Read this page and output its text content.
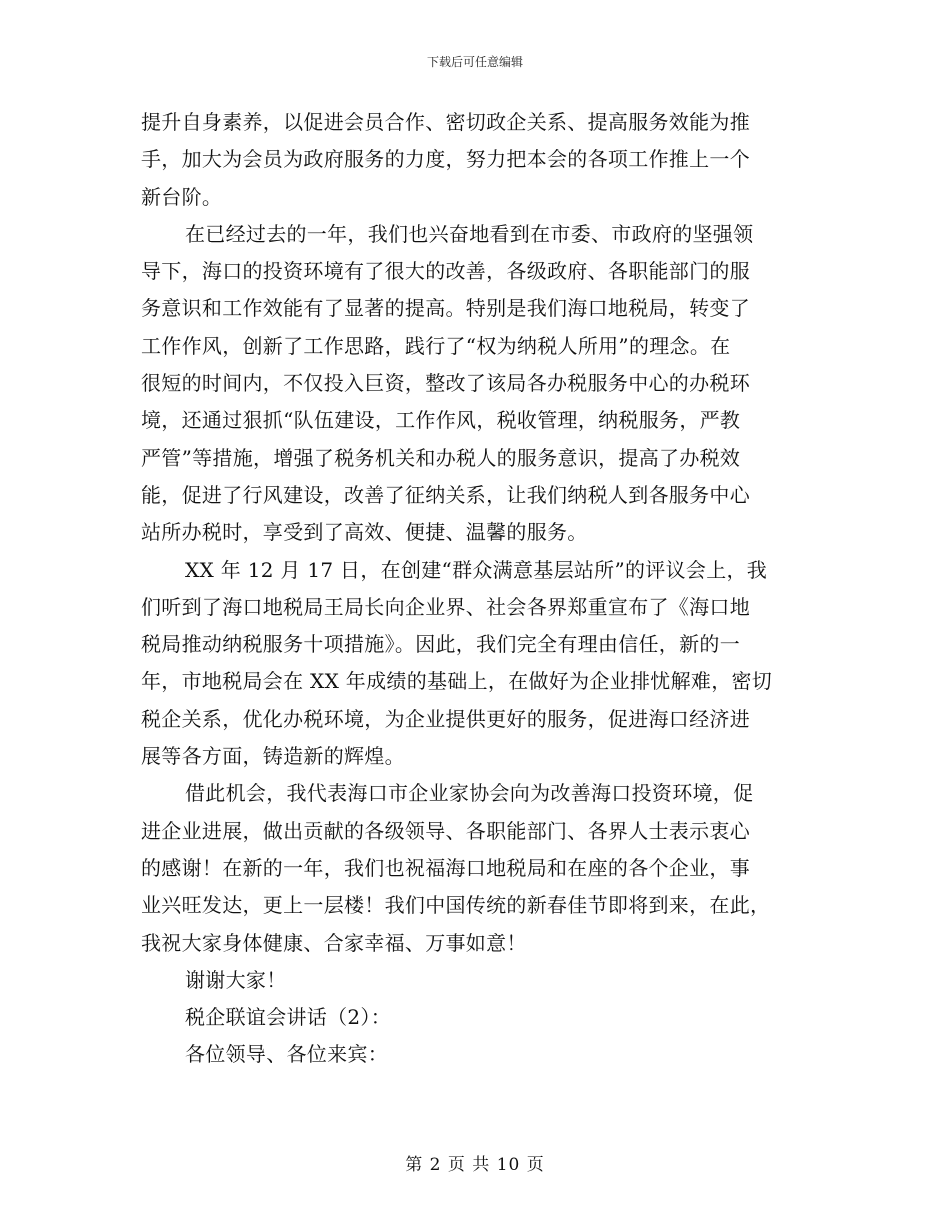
下载后可任意编辑
提升自身素养，以促进会员合作、密切政企关系、提高服务效能为推
手，加大为会员为政府服务的力度，努力把本会的各项工作推上一个
新台阶。
在已经过去的一年，我们也兴奋地看到在市委、市政府的坚强领
导下，海口的投资环境有了很大的改善，各级政府、各职能部门的服
务意识和工作效能有了显著的提高。特别是我们海口地税局，转变了
工作作风，创新了工作思路，践行了“权为纳税人所用”的理念。在
很短的时间内，不仅投入巨资，整改了该局各办税服务中心的办税环
境，还通过狠抓“队伍建设，工作作风，税收管理，纳税服务，严教
严管”等措施，增强了税务机关和办税人的服务意识，提高了办税效
能，促进了行风建设，改善了征纳关系，让我们纳税人到各服务中心
站所办税时，享受到了高效、便捷、温馨的服务。
XX 年 12 月 17 日，在创建“群众满意基层站所”的评议会上，我
们听到了海口地税局王局长向企业界、社会各界郑重宣布了《海口地
税局推动纳税服务十项措施》。因此，我们完全有理由信任，新的一
年，市地税局会在 XX 年成绩的基础上，在做好为企业排忧解难，密切
税企关系，优化办税环境，为企业提供更好的服务，促进海口经济进
展等各方面，铸造新的辉煌。
借此机会，我代表海口市企业家协会向为改善海口投资环境，促
进企业进展，做出贡献的各级领导、各职能部门、各界人士表示衷心
的感谢！在新的一年，我们也祝福海口地税局和在座的各个企业，事
业兴旺发达，更上一层楼！我们中国传统的新春佳节即将到来，在此，
我祝大家身体健康、合家幸福、万事如意！
谢谢大家！
税企联谊会讲话（2）：
各位领导、各位来宾：
第 2 页 共 10 页
